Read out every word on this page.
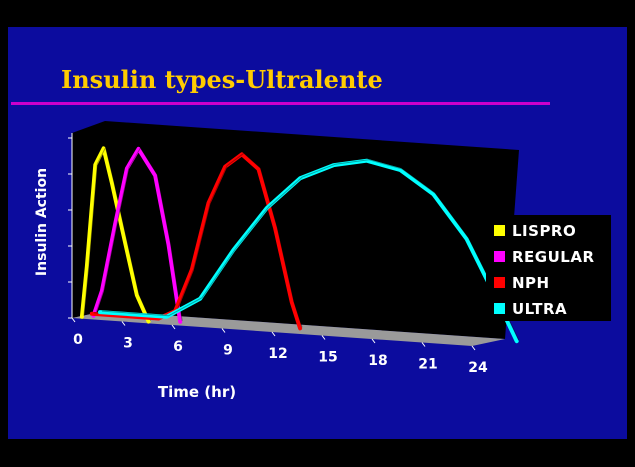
Insulin types-Ultralente
0	3	6	9	12 15 18 21 24
Insulin Action
Time (hr)
LISPRO
REGULAR
NPH
ULTRA
